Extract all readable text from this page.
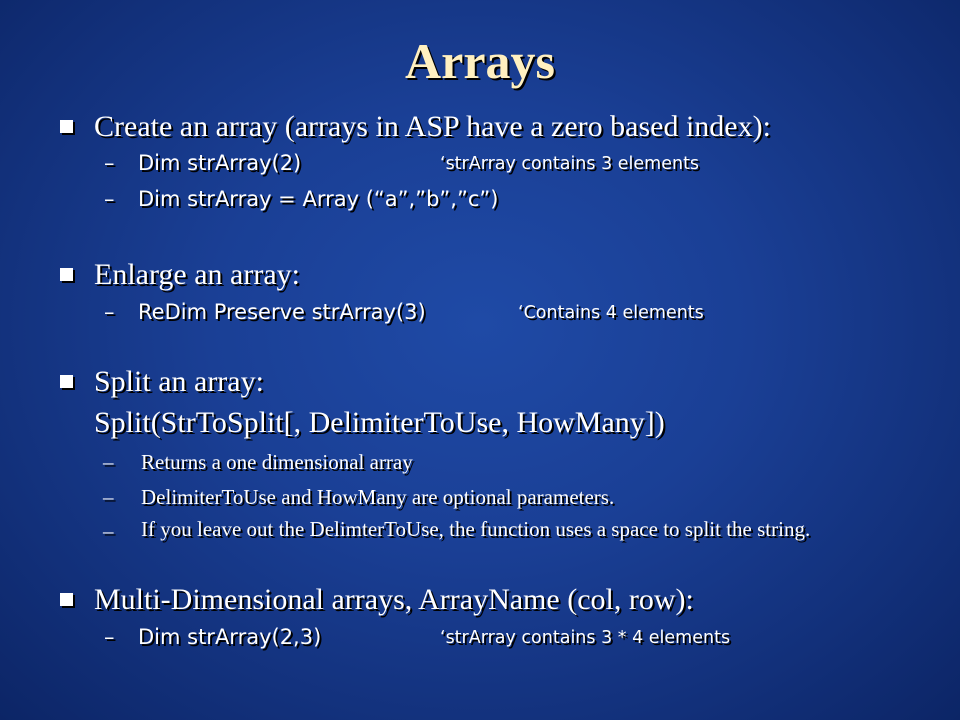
Arrays
Create an array (arrays in ASP have a zero based index):
– Dim strArray(2)	‘strArray contains 3 elements
– Dim strArray = Array (“a”,”b”,”c”)
Enlarge an array:
– ReDim Preserve strArray(3)	‘Contains 4 elements
Split an array:
Split(StrToSplit[, DelimiterToUse, HowMany])
– Returns a one dimensional array
– DelimiterToUse and HowMany are optional parameters.
– If you leave out the DelimterToUse, the function uses a space to split the string.
Multi-Dimensional arrays, ArrayName (col, row):
– Dim strArray(2,3)	‘strArray contains 3 * 4 elements
